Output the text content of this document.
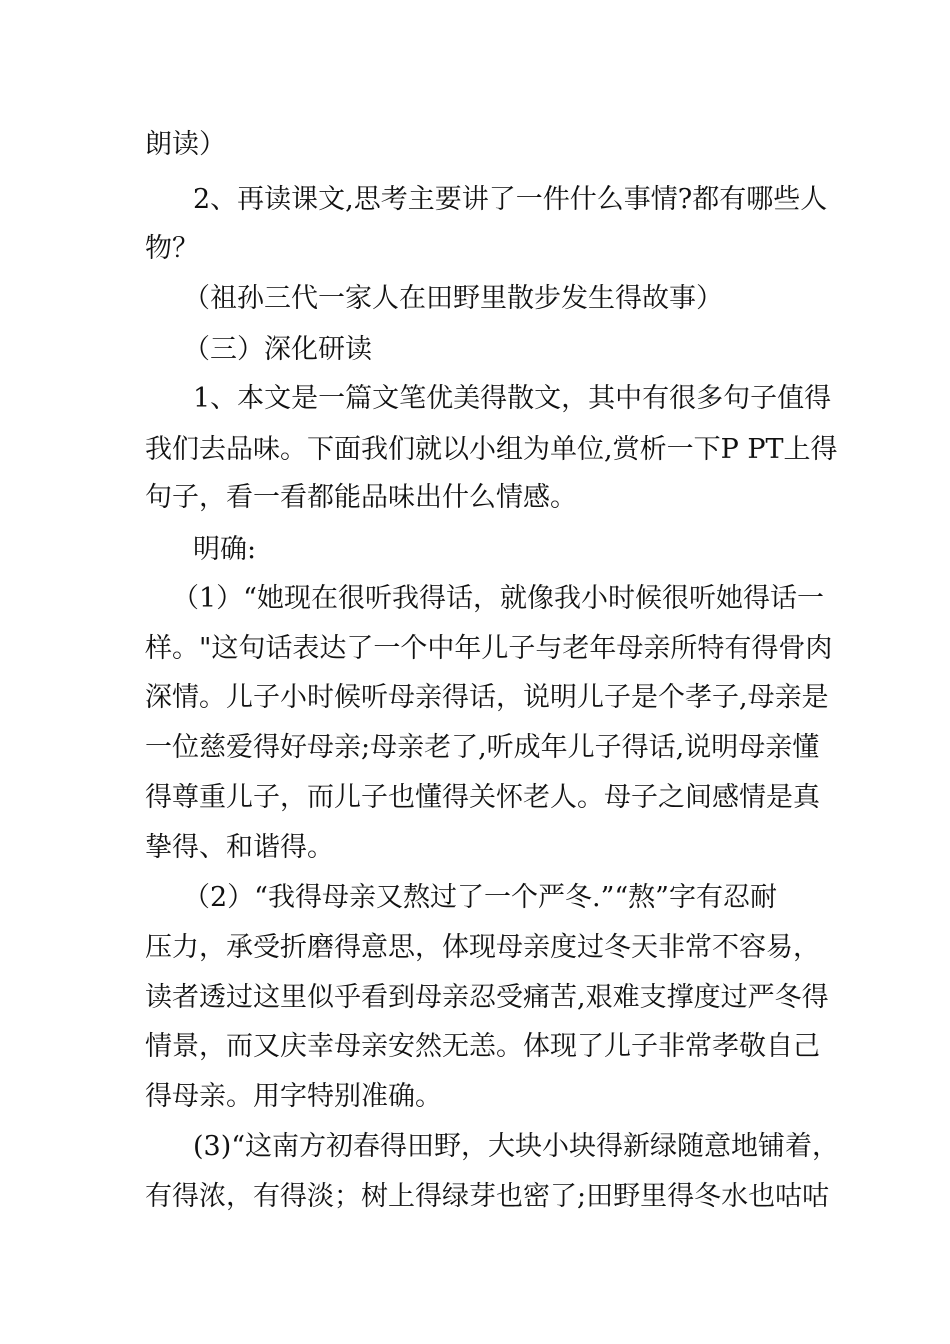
朗读）
2、再读课文,思考主要讲了一件什么事情?都有哪些人
物？
（祖孙三代一家人在田野里散步发生得故事）
（三）深化研读
1、本文是一篇文笔优美得散文，其中有很多句子值得
我们去品味。下面我们就以小组为单位,赏析一下P PT上得
句子，看一看都能品味出什么情感。
明确:
（1）“她现在很听我得话，就像我小时候很听她得话一
样。"这句话表达了一个中年儿子与老年母亲所特有得骨肉
深情。儿子小时候听母亲得话，说明儿子是个孝子,母亲是
一位慈爱得好母亲;母亲老了,听成年儿子得话,说明母亲懂
得尊重儿子，而儿子也懂得关怀老人。母子之间感情是真
挚得、和谐得。
（2）“我得母亲又熬过了一个严冬.”“熬”字有忍耐
压力，承受折磨得意思，体现母亲度过冬天非常不容易，
读者透过这里似乎看到母亲忍受痛苦,艰难支撑度过严冬得
情景，而又庆幸母亲安然无恙。体现了儿子非常孝敬自己
得母亲。用字特别准确。
(3)“这南方初春得田野，大块小块得新绿随意地铺着，
有得浓，有得淡；树上得绿芽也密了;田野里得冬水也咕咕
